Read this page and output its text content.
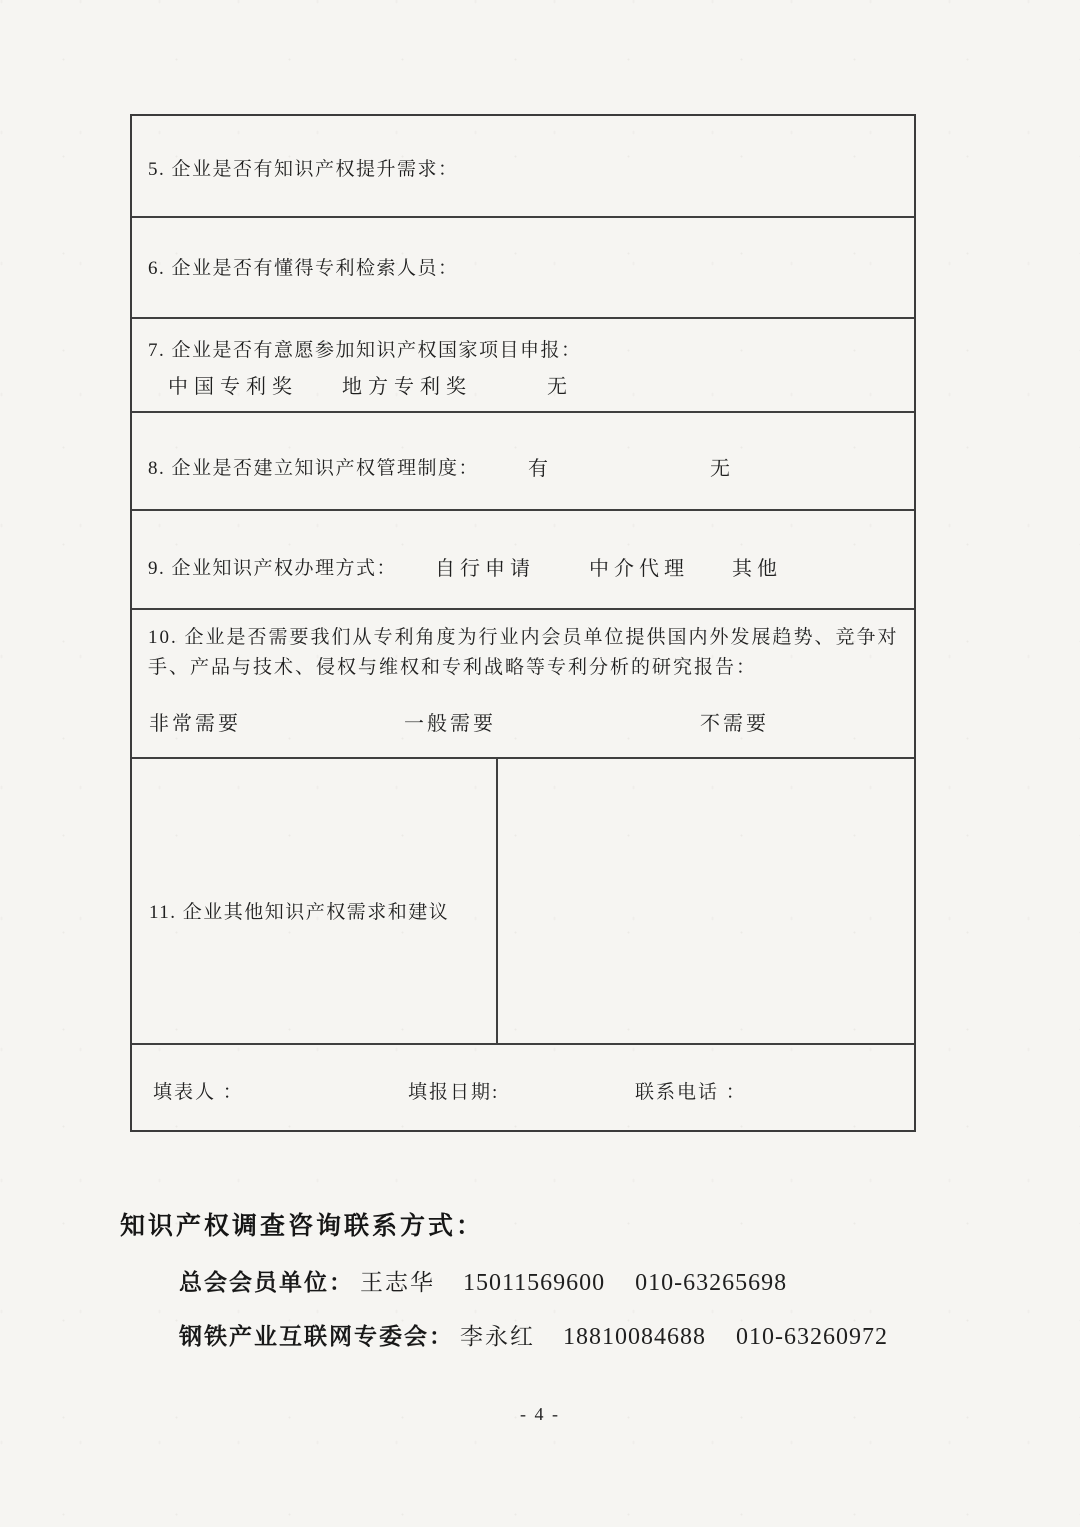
5. 企业是否有知识产权提升需求：
6. 企业是否有懂得专利检索人员：
7. 企业是否有意愿参加知识产权国家项目申报：
中国专利奖 地方专利奖	无
8. 企业是否建立知识产权管理制度： 有	无
9. 企业知识产权办理方式： 自行申请	中介代理 其他
10. 企业是否需要我们从专利角度为行业内会员单位提供国内外发展趋势、竞争对手、产品与技术、侵权与维权和专利战略等专利分析的研究报告：
非常需要	一般需要	不需要
11. 企业其他知识产权需求和建议
填表人 ：	填报日期:	联系电话 ：
知识产权调查咨询联系方式：
总会会员单位： 王志华 15011569600 010-63265698
钢铁产业互联网专委会： 李永红 18810084688 010-63260972
- 4 -
